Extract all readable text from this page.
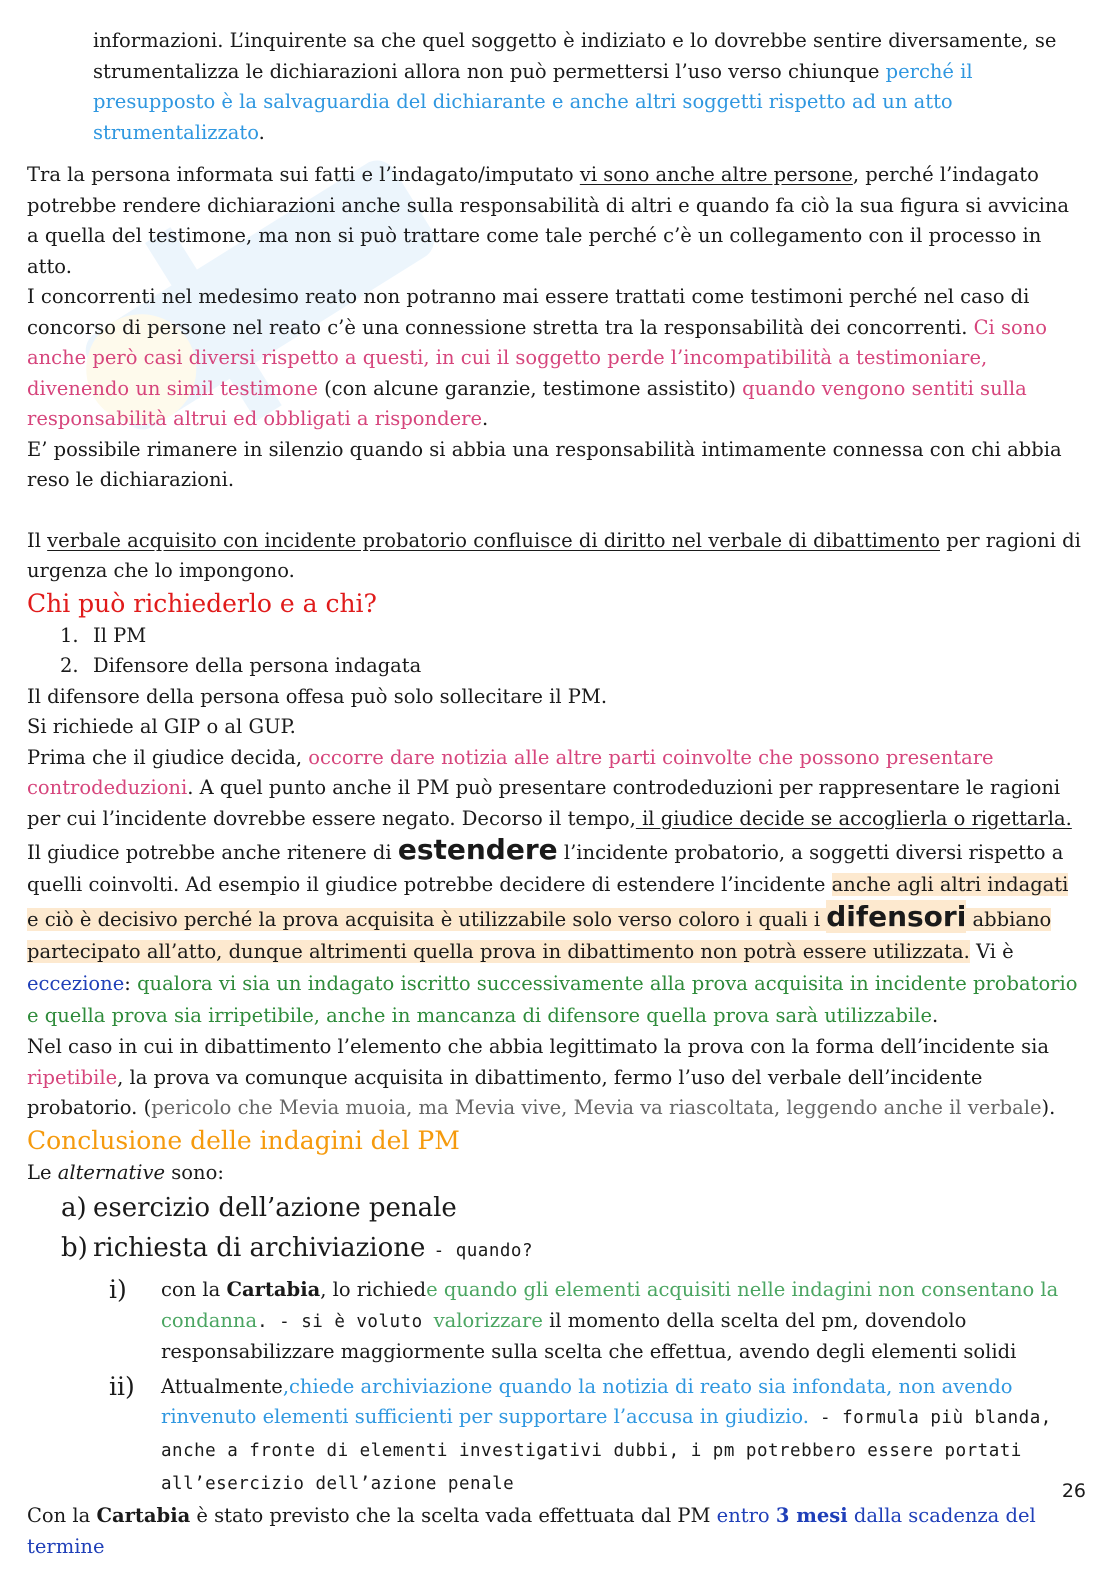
informazioni. L’inquirente sa che quel soggetto è indiziato e lo dovrebbe sentire diversamente, se strumentalizza le dichiarazioni allora non può permettersi l’uso verso chiunque perché il presupposto è la salvaguardia del dichiarante e anche altri soggetti rispetto ad un atto strumentalizzato.

Tra la persona informata sui fatti e l’indagato/imputato vi sono anche altre persone, perché l’indagato potrebbe rendere dichiarazioni anche sulla responsabilità di altri e quando fa ciò la sua figura si avvicina a quella del testimone, ma non si può trattare come tale perché c’è un collegamento con il processo in atto.

I concorrenti nel medesimo reato non potranno mai essere trattati come testimoni perché nel caso di concorso di persone nel reato c’è una connessione stretta tra la responsabilità dei concorrenti. Ci sono anche però casi diversi rispetto a questi, in cui il soggetto perde l’incompatibilità a testimoniare, divenendo un simil testimone (con alcune garanzie, testimone assistito) quando vengono sentiti sulla responsabilità altrui ed obbligati a rispondere.

E’ possibile rimanere in silenzio quando si abbia una responsabilità intimamente connessa con chi abbia reso le dichiarazioni.

Il verbale acquisito con incidente probatorio confluisce di diritto nel verbale di dibattimento per ragioni di urgenza che lo impongono.

Chi può richiederlo e a chi?
1. Il PM
2. Difensore della persona indagata

Il difensore della persona offesa può solo sollecitare il PM.

Si richiede al GIP o al GUP.

Prima che il giudice decida, occorre dare notizia alle altre parti coinvolte che possono presentare controdeduzioni. A quel punto anche il PM può presentare controdeduzioni per rappresentare le ragioni per cui l’incidente dovrebbe essere negato. Decorso il tempo, il giudice decide se accoglierla o rigettarla.

Il giudice potrebbe anche ritenere di estendere l’incidente probatorio, a soggetti diversi rispetto a quelli coinvolti. Ad esempio il giudice potrebbe decidere di estendere l’incidente anche agli altri indagati e ciò è decisivo perché la prova acquisita è utilizzabile solo verso coloro i quali i difensori abbiano partecipato all’atto, dunque altrimenti quella prova in dibattimento non potrà essere utilizzata. Vi è eccezione: qualora vi sia un indagato iscritto successivamente alla prova acquisita in incidente probatorio e quella prova sia irripetibile, anche in mancanza di difensore quella prova sarà utilizzabile.

Nel caso in cui in dibattimento l’elemento che abbia legittimato la prova con la forma dell’incidente sia ripetibile, la prova va comunque acquisita in dibattimento, fermo l’uso del verbale dell’incidente probatorio. (pericolo che Mevia muoia, ma Mevia vive, Mevia va riascoltata, leggendo anche il verbale).

Conclusione delle indagini del PM

Le alternative sono:

a) esercizio dell’azione penale
b) richiesta di archiviazione - quando?
i) con la Cartabia, lo richiede quando gli elementi acquisiti nelle indagini non consentano la condanna. - si è voluto valorizzare il momento della scelta del pm, dovendolo responsabilizzare maggiormente sulla scelta che effettua, avendo degli elementi solidi
ii) Attualmente,chiede archiviazione quando la notizia di reato sia infondata, non avendo rinvenuto elementi sufficienti per supportare l’accusa in giudizio. - formula più blanda, anche a fronte di elementi investigativi dubbi, i pm potrebbero essere portati all’esercizio dell’azione penale

Con la Cartabia è stato previsto che la scelta vada effettuata dal PM entro 3 mesi dalla scadenza del termine

26
